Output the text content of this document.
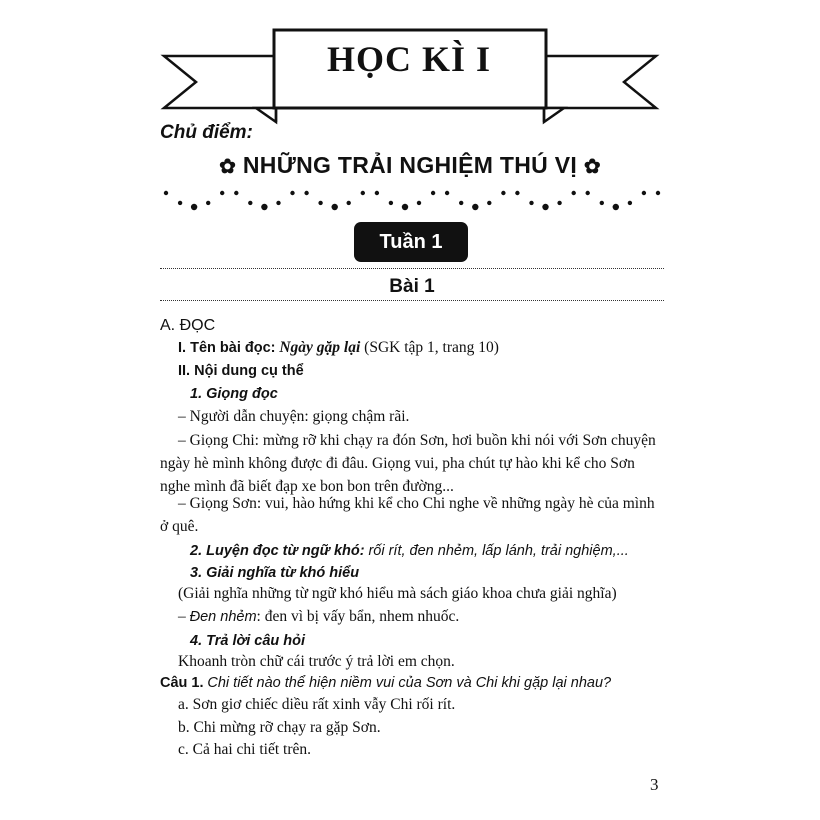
HỌC KÌ I
Chủ điểm:
✿ NHỮNG TRẢI NGHIỆM THÚ VỊ ✿
Tuần 1
Bài 1
A. ĐỌC
I. Tên bài đọc: Ngày gặp lại (SGK tập 1, trang 10)
II. Nội dung cụ thể
1. Giọng đọc
– Người dẫn chuyện: giọng chậm rãi.
– Giọng Chi: mừng rỡ khi chạy ra đón Sơn, hơi buồn khi nói với Sơn chuyện
ngày hè mình không được đi đâu. Giọng vui, pha chút tự hào khi kể cho Sơn
nghe mình đã biết đạp xe bon bon trên đường...
– Giọng Sơn: vui, hào hứng khi kể cho Chi nghe về những ngày hè của mình
ở quê.
2. Luyện đọc từ ngữ khó: rối rít, đen nhẻm, lấp lánh, trải nghiệm,...
3. Giải nghĩa từ khó hiểu
(Giải nghĩa những từ ngữ khó hiểu mà sách giáo khoa chưa giải nghĩa)
– Đen nhẻm: đen vì bị vấy bẩn, nhem nhuốc.
4. Trả lời câu hỏi
Khoanh tròn chữ cái trước ý trả lời em chọn.
Câu 1. Chi tiết nào thể hiện niềm vui của Sơn và Chi khi gặp lại nhau?
a. Sơn giơ chiếc diều rất xinh vẫy Chi rối rít.
b. Chi mừng rỡ chạy ra gặp Sơn.
c. Cả hai chi tiết trên.
3
